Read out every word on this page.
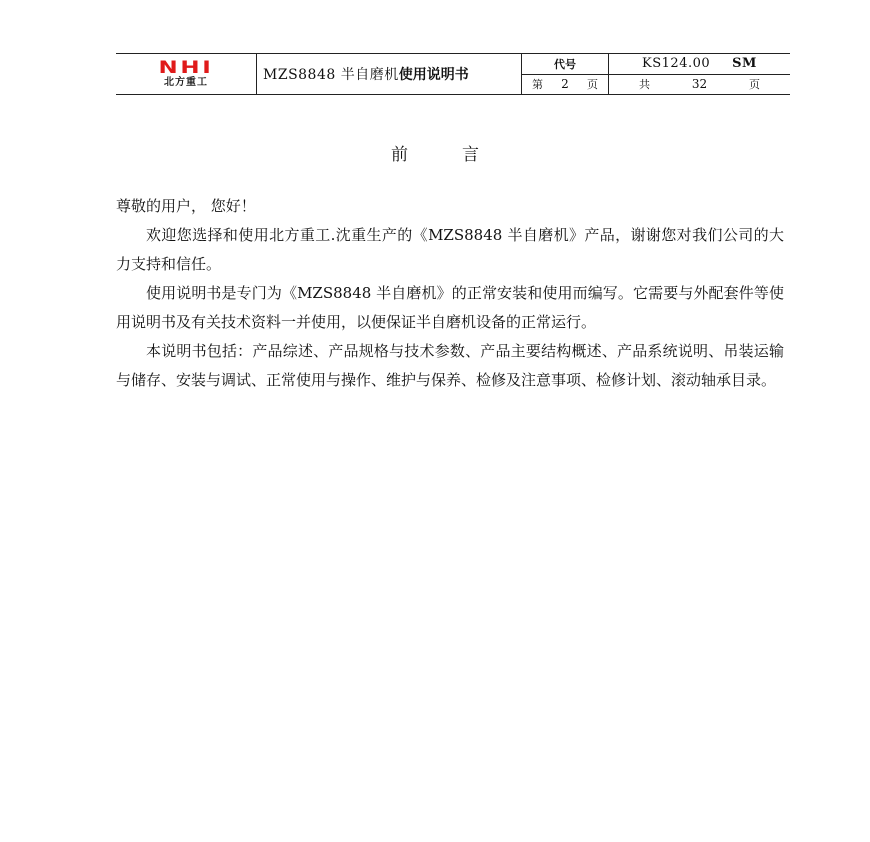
NHI
北方重工	MZS8848 半自磨机使用说明书	
代号	KS124.00 SM

第 2 页	共	32	页
前	言

尊敬的用户， 您好！

欢迎您选择和使用北方重工.沈重生产的《MZS8848 半自磨机》产品，谢谢您对我们公司的大力支持和信任。

使用说明书是专门为《MZS8848 半自磨机》的正常安装和使用而编写。它需要与外配套件等使用说明书及有关技术资料一并使用，以便保证半自磨机设备的正常运行。

本说明书包括：产品综述、产品规格与技术参数、产品主要结构概述、产品系统说明、吊装运输与储存、安装与调试、正常使用与操作、维护与保养、检修及注意事项、检修计划、滚动轴承目录。
